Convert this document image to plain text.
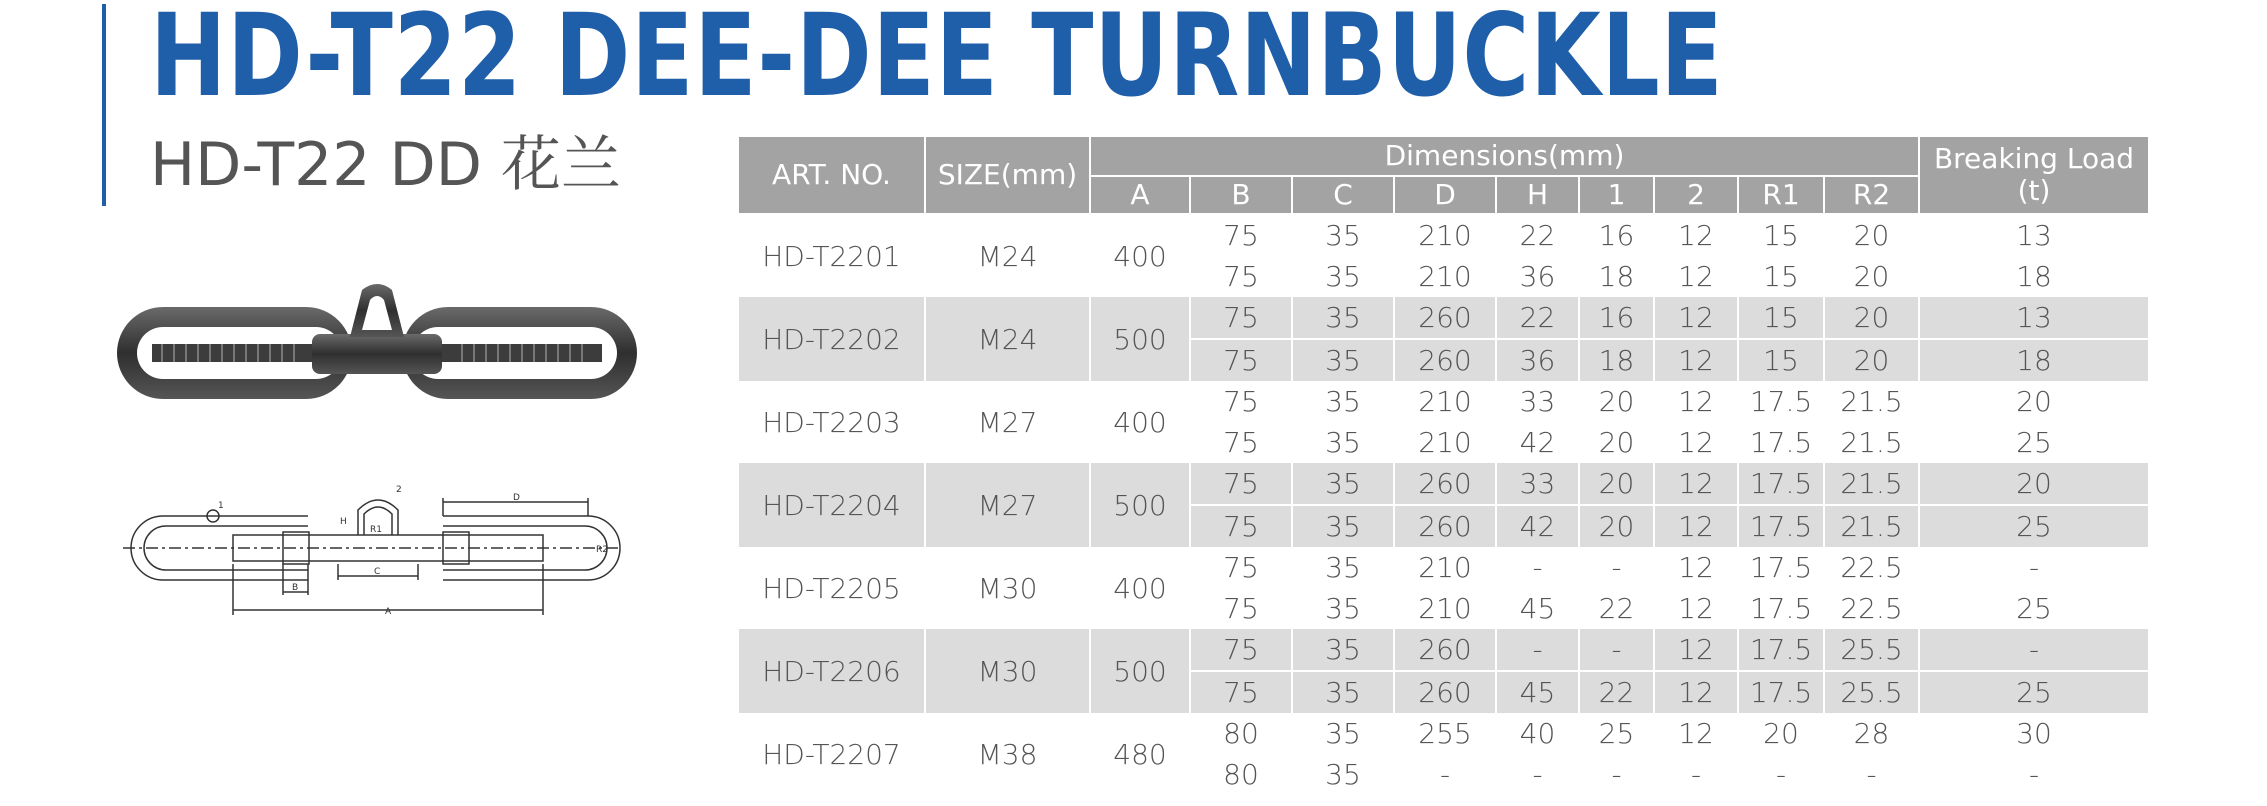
HD-T22 DEE-DEE TURNBUCKLE
HD-T22 DD 花兰
A
B
C
D
H
R1
R2
1
2
ART. NO.	SIZE(mm)	Dimensions(mm)									Breaking Load (t)
		A	B	C	D	H	1	2	R1	R2	
HD-T2201	M24	400	75	35	210	22	16	12	15	20	13
			75	35	210	36	18	12	15	20	18
HD-T2202	M24	500	75	35	260	22	16	12	15	20	13
			75	35	260	36	18	12	15	20	18
HD-T2203	M27	400	75	35	210	33	20	12	17.5	21.5	20
			75	35	210	42	20	12	17.5	21.5	25
HD-T2204	M27	500	75	35	260	33	20	12	17.5	21.5	20
			75	35	260	42	20	12	17.5	21.5	25
HD-T2205	M30	400	75	35	210	-	-	12	17.5	22.5	-
			75	35	210	45	22	12	17.5	22.5	25
HD-T2206	M30	500	75	35	260	-	-	12	17.5	25.5	-
			75	35	260	45	22	12	17.5	25.5	25
HD-T2207	M38	480	80	35	255	40	25	12	20	28	30
			80	35	-	-	-	-	-	-	-
